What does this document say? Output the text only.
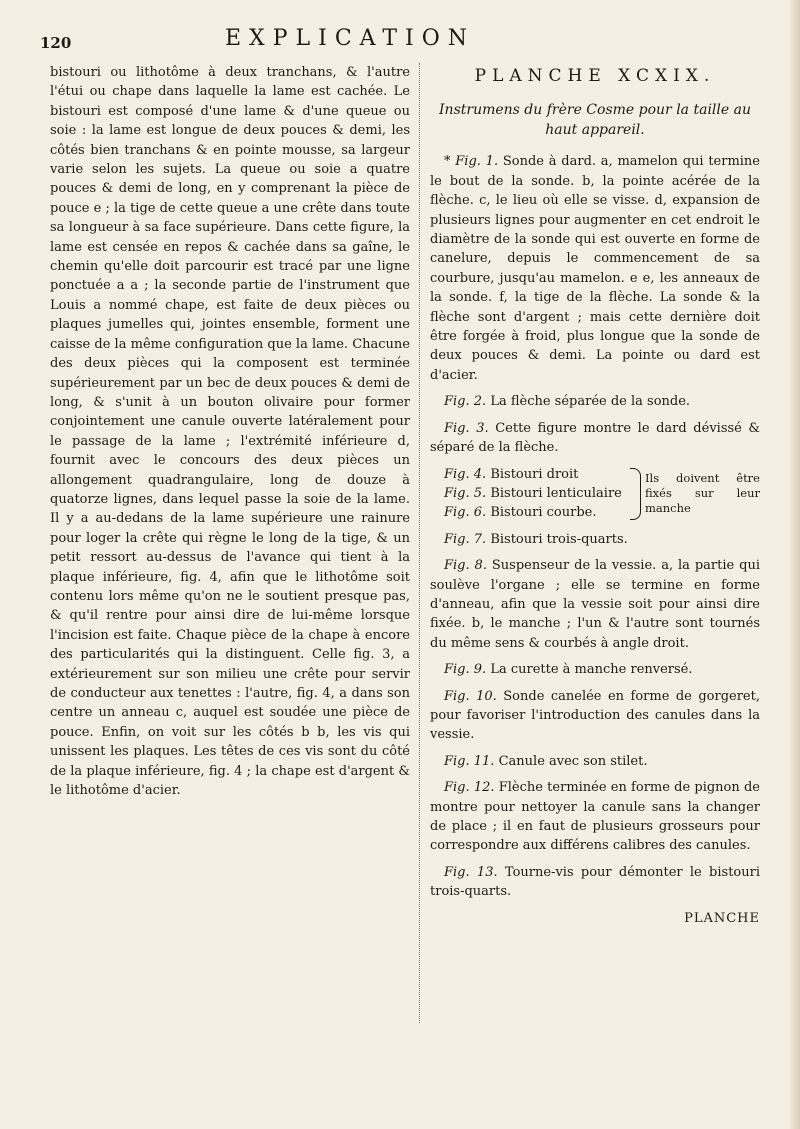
120	EXPLICATION

bistouri ou lithotôme à deux tranchans, & l'autre l'étui ou chape dans laquelle la lame est cachée. Le bistouri est composé d'une lame & d'une queue ou soie : la lame est longue de deux pouces & demi, les côtés bien tranchans & en pointe mousse, sa largeur varie selon les sujets. La queue ou soie a quatre pouces & demi de long, en y comprenant la pièce de pouce e ; la tige de cette queue a une crête dans toute sa longueur à sa face supérieure. Dans cette figure, la lame est censée en repos & cachée dans sa gaîne, le chemin qu'elle doit parcourir est tracé par une ligne ponctuée a a ; la seconde partie de l'instrument que Louis a nommé chape, est faite de deux pièces ou plaques jumelles qui, jointes ensemble, forment une caisse de la même configuration que la lame. Chacune des deux pièces qui la composent est terminée supérieurement par un bec de deux pouces & demi de long, & s'unit à un bouton olivaire pour former conjointement une canule ouverte latéralement pour le passage de la lame ; l'extrémité inférieure d, fournit avec le concours des deux pièces un allongement quadrangulaire, long de douze à quatorze lignes, dans lequel passe la soie de la lame. Il y a au-dedans de la lame supérieure une rainure pour loger la crête qui règne le long de la tige, & un petit ressort au-dessus de l'avance qui tient à la plaque inférieure, fig. 4, afin que le lithotôme soit contenu lors même qu'on ne le soutient presque pas, & qu'il rentre pour ainsi dire de lui-même lorsque l'incision est faite. Chaque pièce de la chape à encore des particularités qui la distinguent. Celle fig. 3, a extérieurement sur son milieu une crête pour servir de conducteur aux tenettes : l'autre, fig. 4, a dans son centre un anneau c, auquel est soudée une pièce de pouce. Enfin, on voit sur les côtés b b, les vis qui unissent les plaques. Les têtes de ces vis sont du côté de la plaque inférieure, fig. 4 ; la chape est d'argent & le lithotôme d'acier.

PLANCHE XCXIX.
Instrumens du frère Cosme pour la taille au haut appareil.

* Fig. 1. Sonde à dard. a, mamelon qui termine le bout de la sonde. b, la pointe acérée de la flèche. c, le lieu où elle se visse. d, expansion de plusieurs lignes pour augmenter en cet endroit le diamètre de la sonde qui est ouverte en forme de canelure, depuis le commencement de sa courbure, jusqu'au mamelon. e e, les anneaux de la sonde. f, la tige de la flèche. La sonde & la flèche sont d'argent ; mais cette dernière doit être forgée à froid, plus longue que la sonde de deux pouces & demi. La pointe ou dard est d'acier.

Fig. 2. La flèche séparée de la sonde.

Fig. 3. Cette figure montre le dard dévissé & séparé de la flèche.

Fig. 4. Bistouri droit
Fig. 5. Bistouri lenticulaire
Fig. 6. Bistouri courbe.
Ils doivent être fixés sur leur manche

Fig. 7. Bistouri trois-quarts.

Fig. 8. Suspenseur de la vessie. a, la partie qui soulève l'organe ; elle se termine en forme d'anneau, afin que la vessie soit pour ainsi dire fixée. b, le manche ; l'un & l'autre sont tournés du même sens & courbés à angle droit.

Fig. 9. La curette à manche renversé.

Fig. 10. Sonde canelée en forme de gorgeret, pour favoriser l'introduction des canules dans la vessie.

Fig. 11. Canule avec son stilet.

Fig. 12. Flèche terminée en forme de pignon de montre pour nettoyer la canule sans la changer de place ; il en faut de plusieurs grosseurs pour correspondre aux différens calibres des canules.

Fig. 13. Tourne-vis pour démonter le bistouri trois-quarts.

PLANCHE
